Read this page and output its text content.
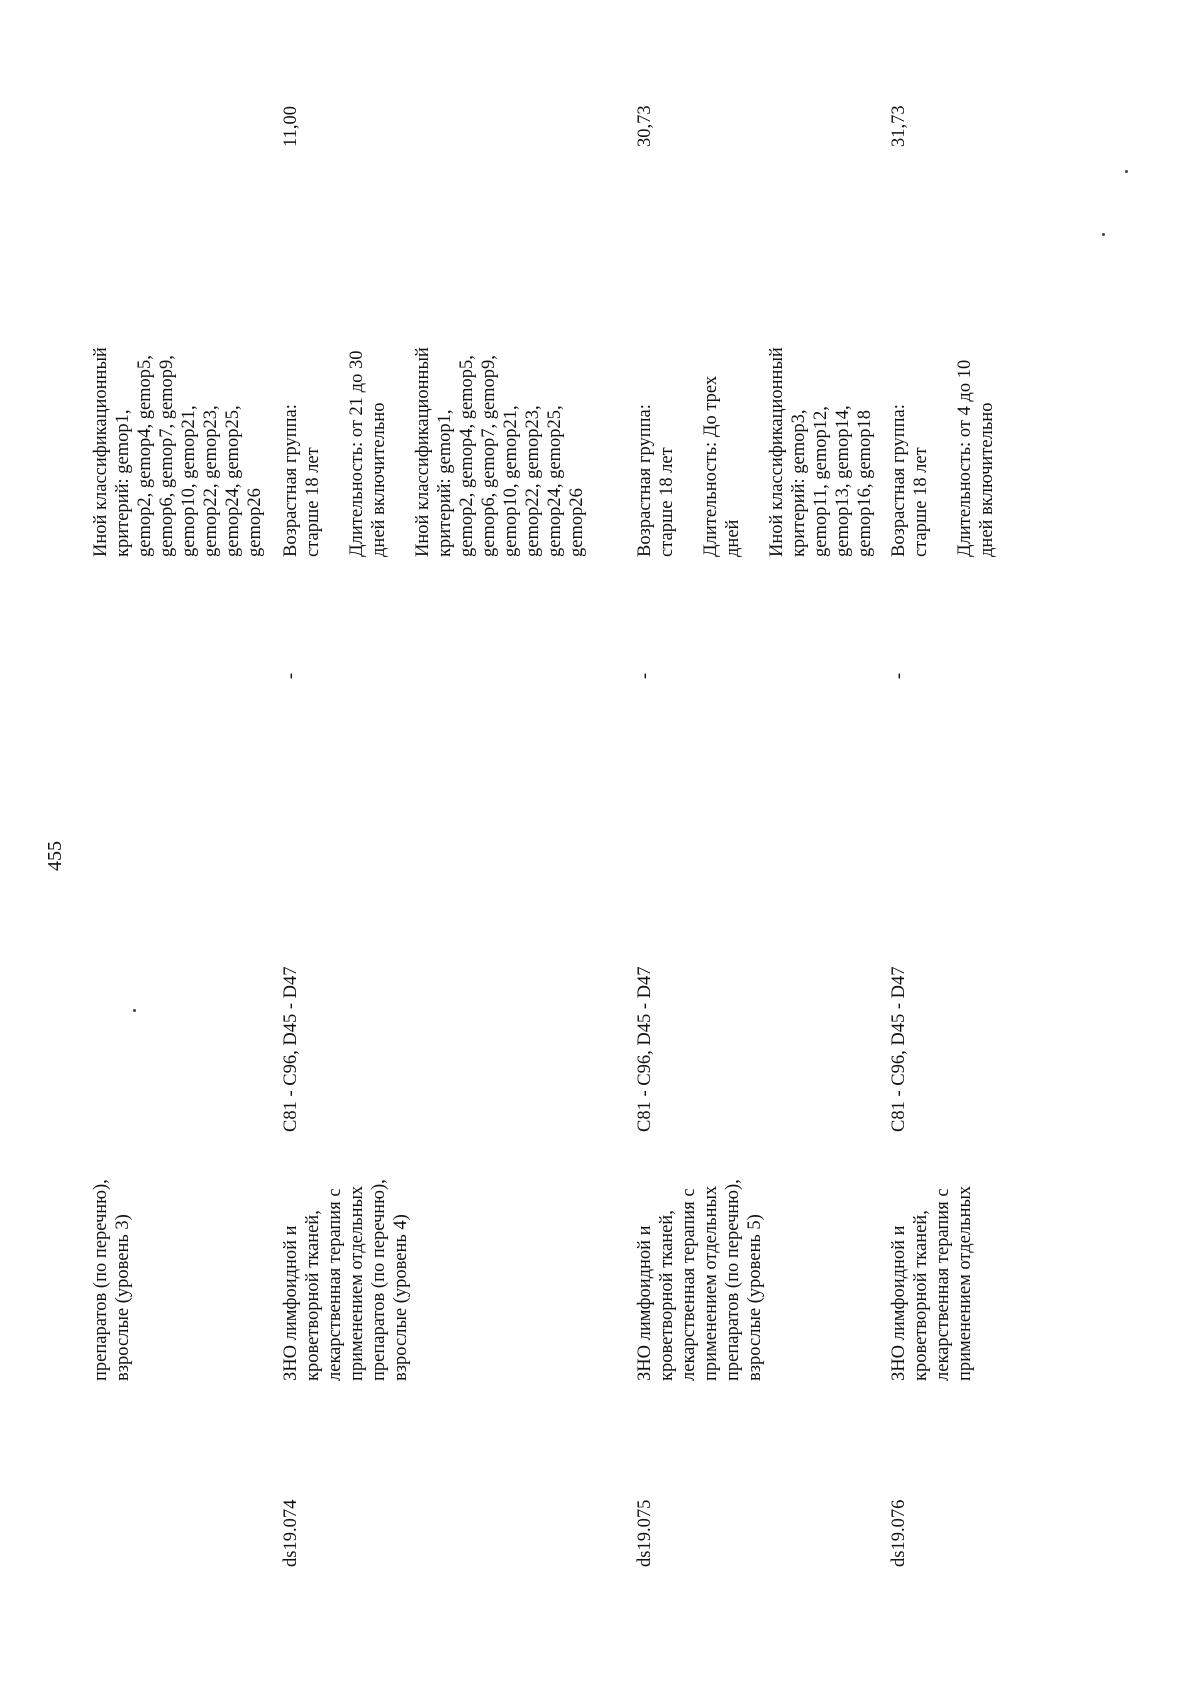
455
препаратов (по перечню), взрослые (уровень 3)
Иной классификационный критерий: gemop1, gemop2, gemop4, gemop5, gemop6, gemop7, gemop9, gemop10, gemop21, gemop22, gemop23, gemop24, gemop25, gemop26
ds19.074
ЗНО лимфоидной и кроветворной тканей, лекарственная терапия с применением отдельных препаратов (по перечню), взрослые (уровень 4)
C81 - C96, D45 - D47
-
Возрастная группа: старше 18 лет Длительность: от 21 до 30 дней включительно Иной классификационный критерий: gemop1, gemop2, gemop4, gemop5, gemop6, gemop7, gemop9, gemop10, gemop21, gemop22, gemop23, gemop24, gemop25, gemop26
11,00
ds19.075
ЗНО лимфоидной и кроветворной тканей, лекарственная терапия с применением отдельных препаратов (по перечню), взрослые (уровень 5)
C81 - C96, D45 - D47
-
Возрастная группа: старше 18 лет Длительность: До трех дней Иной классификационный критерий: gemop3, gemop11, gemop12, gemop13, gemop14, gemop16, gemop18
30,73
ds19.076
ЗНО лимфоидной и кроветворной тканей, лекарственная терапия с применением отдельных
C81 - C96, D45 - D47
-
Возрастная группа: старше 18 лет Длительность: от 4 до 10 дней включительно
31,73
